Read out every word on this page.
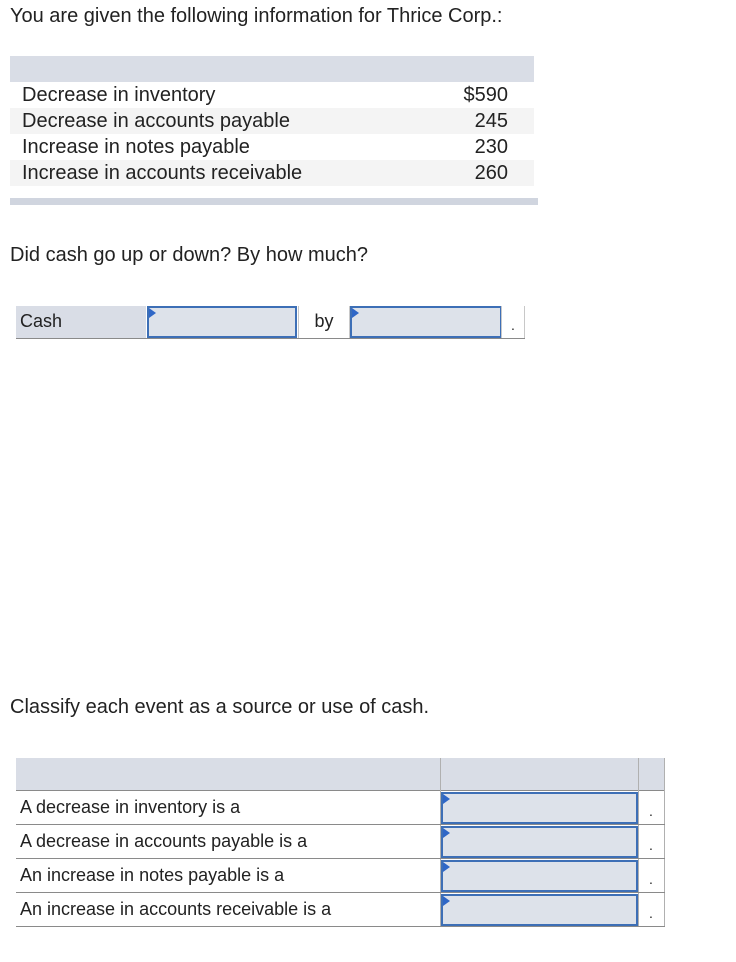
You are given the following information for Thrice Corp.:
Decrease in inventory	$590
Decrease in accounts payable	245
Increase in notes payable	230
Increase in accounts receivable	260
Did cash go up or down? By how much?
Cash	by	.
Classify each event as a source or use of cash.
A decrease in inventory is a	.
A decrease in accounts payable is a	.
An increase in notes payable is a	.
An increase in accounts receivable is a	.
